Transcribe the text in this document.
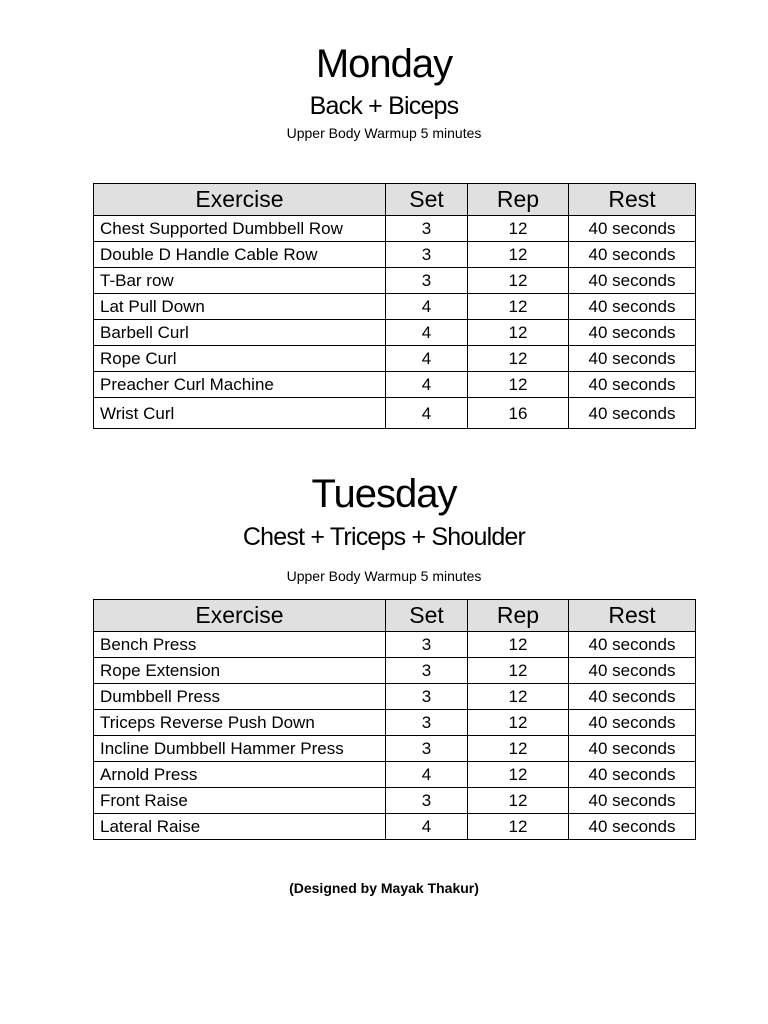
Monday
Back + Biceps
Upper Body Warmup 5 minutes
Exercise	Set	Rep	Rest
Chest Supported Dumbbell Row	3	12	40 seconds
Double D Handle Cable Row	3	12	40 seconds
T-Bar row	3	12	40 seconds
Lat Pull Down	4	12	40 seconds
Barbell Curl	4	12	40 seconds
Rope Curl	4	12	40 seconds
Preacher Curl Machine	4	12	40 seconds
Wrist Curl	4	16	40 seconds
Tuesday
Chest + Triceps + Shoulder
Upper Body Warmup 5 minutes
Exercise	Set	Rep	Rest
Bench Press	3	12	40 seconds
Rope Extension	3	12	40 seconds
Dumbbell Press	3	12	40 seconds
Triceps Reverse Push Down	3	12	40 seconds
Incline Dumbbell Hammer Press	3	12	40 seconds
Arnold Press	4	12	40 seconds
Front Raise	3	12	40 seconds
Lateral Raise	4	12	40 seconds
(Designed by Mayak Thakur)
